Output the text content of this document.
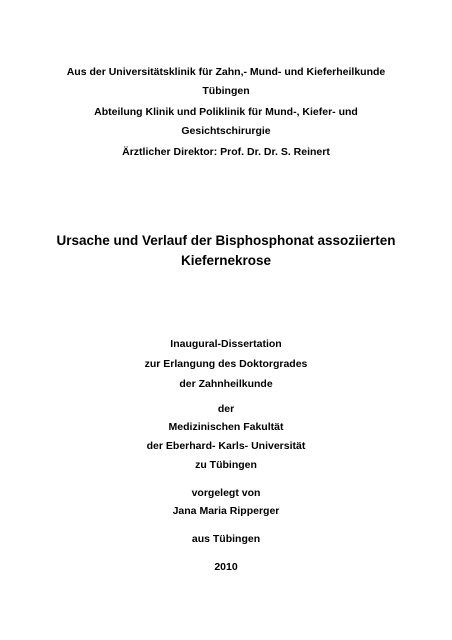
Aus der Universitätsklinik für Zahn,- Mund- und Kieferheilkunde
Tübingen
Abteilung Klinik und Poliklinik für Mund-, Kiefer- und
Gesichtschirurgie
Ärztlicher Direktor: Prof. Dr. Dr. S. Reinert
Ursache und Verlauf der Bisphosphonat assoziierten
Kiefernekrose
Inaugural-Dissertation
zur Erlangung des Doktorgrades
der Zahnheilkunde
der
Medizinischen Fakultät
der Eberhard- Karls- Universität
zu Tübingen
vorgelegt von
Jana Maria Ripperger
aus Tübingen
2010
